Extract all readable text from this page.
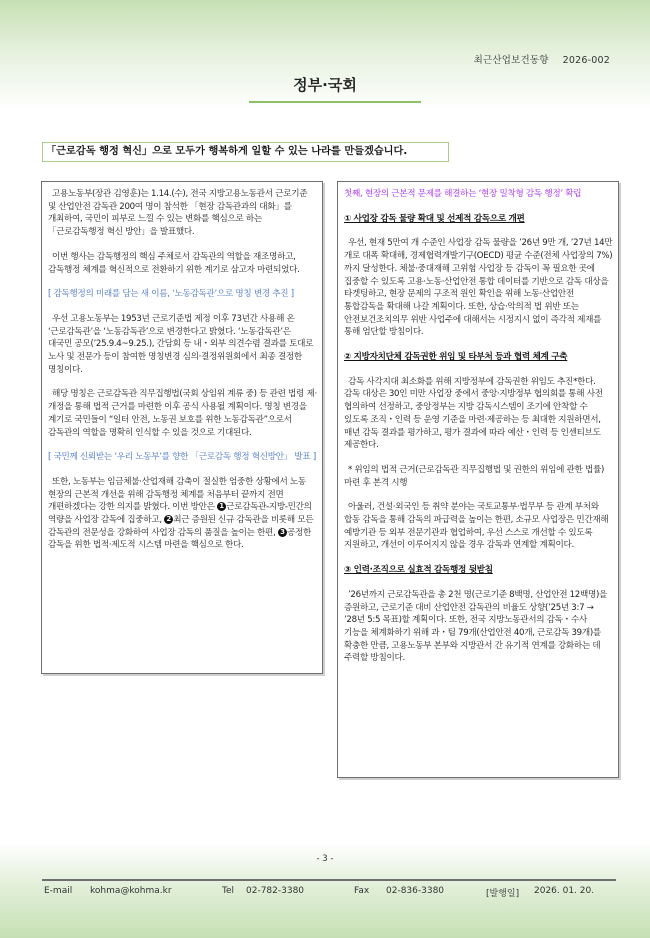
최근산업보건동향 2026-002
정부·국회
「근로감독 행정 혁신」으로 모두가 행복하게 일할 수 있는 나라를 만들겠습니다.

고용노동부(장관 김영훈)는 1.14.(수), 전국 지방고용노동관서 근로기준 및 산업안전 감독관 200여 명이 참석한 「현장 감독관과의 대화」를 개최하여, 국민이 피부로 느낄 수 있는 변화를 핵심으로 하는 「근로감독행정 혁신 방안」을 발표했다.

이번 행사는 감독행정의 핵심 주체로서 감독관의 역할을 재조명하고, 감독행정 체계를 혁신적으로 전환하기 위한 계기로 삼고자 마련되었다.

[ 감독행정의 미래를 담는 새 이름, ‘노동감독관’으로 명칭 변경 추진 ]

우선 고용노동부는 1953년 근로기준법 제정 이후 73년간 사용해 온 ‘근로감독관’을 ‘노동감독관’으로 변경한다고 밝혔다. ‘노동감독관’은 대국민 공모(’25.9.4~9.25.), 간담회 등 내・외부 의견수렴 결과를 토대로 노사 및 전문가 등이 참여한 명칭변경 심의·결정위원회에서 최종 결정한 명칭이다.

해당 명칭은 근로감독관 직무집행법(국회 상임위 계류 중) 등 관련 법령 제·개정을 통해 법적 근거를 마련한 이후 공식 사용될 계획이다. 명칭 변경을 계기로 국민들이 “일터 안전, 노동권 보호를 위한 노동감독관”으로서 감독관의 역할을 명확히 인식할 수 있을 것으로 기대된다.

[ 국민께 신뢰받는 ‘우리 노동부’를 향한 「근로감독 행정 혁신방안」 발표 ]

또한, 노동부는 임금체불·산업재해 감축이 절실한 엄중한 상황에서 노동 현장의 근본적 개선을 위해 감독행정 체계를 처음부터 끝까지 전면 개편하겠다는 강한 의지를 밝혔다. 이번 방안은 1 근로감독관-지방-민간의 역량을 사업장 감독에 집중하고, 2 최근 증원된 신규 감독관을 비롯해 모든 감독관의 전문성을 강화하여 사업장 감독의 품질을 높이는 한편, 3 공정한 감독을 위한 법적·제도적 시스템 마련을 핵심으로 한다.

첫째, 현장의 근본적 문제를 해결하는 ‘현장 밀착형 감독 행정’ 확립

① 사업장 감독 물량 확대 및 선제적 감독으로 개편

우선, 현재 5만여 개 수준인 사업장 감독 물량을 ’26년 9만 개, ’27년 14만 개로 대폭 확대해, 경제협력개발기구(OECD) 평균 수준(전체 사업장의 7%)까지 달성한다. 체불·중대재해 고위험 사업장 등 감독이 꼭 필요한 곳에 집중할 수 있도록 고용·노동·산업안전 통합 데이터를 기반으로 감독 대상을 타겟팅하고, 현장 문제의 구조적 원인 확인을 위해 노동·산업안전 통합감독을 확대해 나갈 계획이다. 또한, 상습·악의적 법 위반 또는 안전보건조치의무 위반 사업주에 대해서는 시정지시 없이 즉각적 제재를 통해 엄단할 방침이다.

② 지방자치단체 감독권한 위임 및 타부처 등과 협력 체계 구축

감독 사각지대 최소화를 위해 지방정부에 감독권한 위임도 추진*한다. 감독 대상은 30인 미만 사업장 중에서 중앙·지방정부 협의회를 통해 사전 협의하여 선정하고, 중앙정부는 지방 감독시스템이 조기에 안착할 수 있도록 조직・인력 등 운영 기준을 마련·제공하는 등 최대한 지원하면서, 매년 감독 결과를 평가하고, 평가 결과에 따라 예산・인력 등 인센티브도 제공한다.

* 위임의 법적 근거(근로감독관 직무집행법 및 권한의 위임에 관한 법률) 마련 후 본격 시행

아울러, 건설·외국인 등 취약 분야는 국토교통부·법무부 등 관계 부처와 합동 감독을 통해 감독의 파급력을 높이는 한편, 소규모 사업장은 민간재해 예방기관 등 외부 전문기관과 협업하여, 우선 스스로 개선할 수 있도록 지원하고, 개선이 이루어지지 않을 경우 감독과 연계할 계획이다.

③ 인력·조직으로 실효적 감독행정 뒷받침

’26년까지 근로감독관을 총 2천 명(근로기준 8백명, 산업안전 12백명)을 증원하고, 근로기준 대비 산업안전 감독관의 비율도 상향(’25년 3:7 → ’28년 5:5 목표)할 계획이다. 또한, 전국 지방노동관서의 감독・수사 기능을 체계화하기 위해 과・팀 79개(산업안전 40개, 근로감독 39개)를 확충한 만큼, 고용노동부 본부와 지방관서 간 유기적 연계를 강화하는 데 주력할 방침이다.

- 3 -
E-mail kohma@kohma.kr	Tel 02-782-3380	Fax 02-836-3380	[발행일] 2026. 01. 20.
